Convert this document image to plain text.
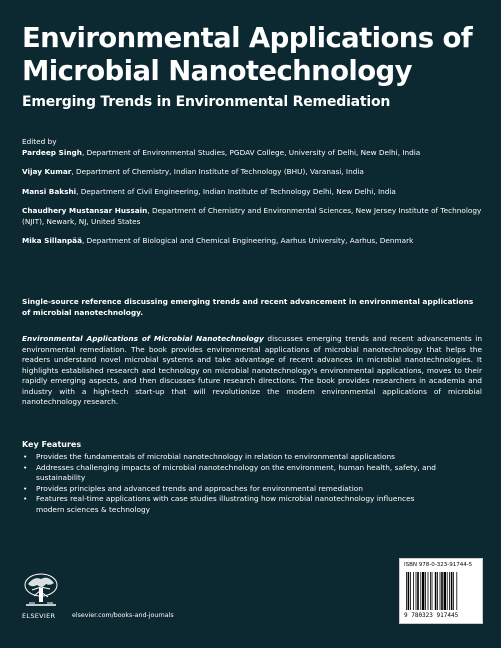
Environmental Applications of Microbial Nanotechnology
Emerging Trends in Environmental Remediation
Edited by
Pardeep Singh, Department of Environmental Studies, PGDAV College, University of Delhi, New Delhi, India
Vijay Kumar, Department of Chemistry, Indian Institute of Technology (BHU), Varanasi, India
Mansi Bakshi, Department of Civil Engineering, Indian Institute of Technology Delhi, New Delhi, India
Chaudhery Mustansar Hussain, Department of Chemistry and Environmental Sciences, New Jersey Institute of Technology (NJIT), Newark, NJ, United States
Mika Sillanpää, Department of Biological and Chemical Engineering, Aarhus University, Aarhus, Denmark
Single-source reference discussing emerging trends and recent advancement in environmental applications of microbial nanotechnology.
Environmental Applications of Microbial Nanotechnology discusses emerging trends and recent advancements in environmental remediation. The book provides environmental applications of microbial nanotechnology that helps the readers understand novel microbial systems and take advantage of recent advances in microbial nanotechnologies. It highlights established research and technology on microbial nanotechnology's environmental applications, moves to their rapidly emerging aspects, and then discusses future research directions. The book provides researchers in academia and industry with a high-tech start-up that will revolutionize the modern environmental applications of microbial nanotechnology research.
Key Features
• Provides the fundamentals of microbial nanotechnology in relation to environmental applications
• Addresses challenging impacts of microbial nanotechnology on the environment, human health, safety, and sustainability
• Provides principles and advanced trends and approaches for environmental remediation
• Features real-time applications with case studies illustrating how microbial nanotechnology influences modern sciences & technology
ELSEVIER	elsevier.com/books-and-journals
ISBN 978-0-323-91744-5
9 780323 917445
